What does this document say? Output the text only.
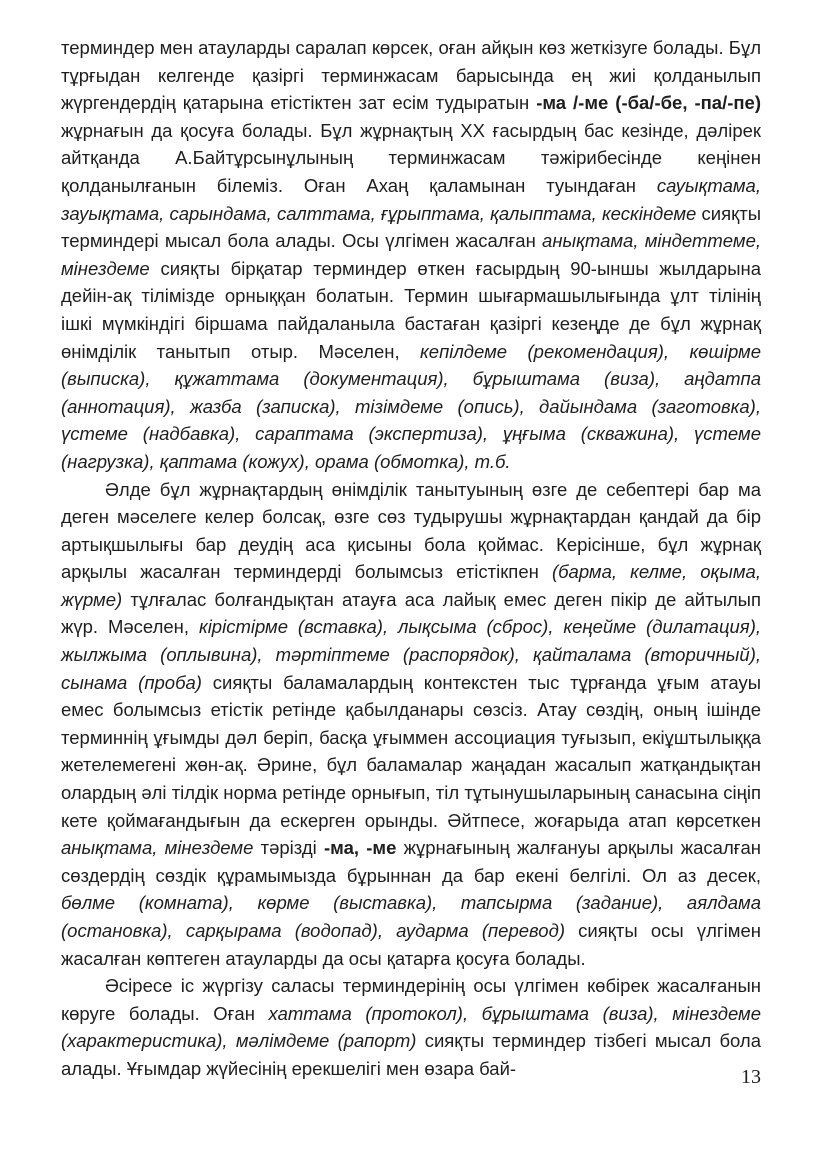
терминдер мен атауларды саралап көрсек, оған айқын көз жеткізуге болады. Бұл тұрғыдан келгенде қазіргі терминжасам барысында ең жиі қолданылып жүргендердің қатарына етістіктен зат есім тудыратын -ма /-ме (-ба/-бе, -па/-пе) жұрнағын да қосуға болады. Бұл жұрнақтың XX ғасырдың бас кезінде, дәлірек айтқанда А.Байтұрсынұлының терминжасам тәжірибесінде кеңінен қолданылғанын білеміз. Оған Ахаң қаламынан туындаған сауықтама, зауықтама, сарындама, салттама, ғұрыптама, қалыптама, кескіндеме сияқты терминдері мысал бола алады. Осы үлгімен жасалған анықтама, міндеттеме, мінездеме сияқты бірқатар терминдер өткен ғасырдың 90-ыншы жылдарына дейін-ақ тілімізде орныққан болатын. Термин шығармашылығында ұлт тілінің ішкі мүмкіндігі біршама пайдаланыла бастаған қазіргі кезеңде де бұл жұрнақ өнімділік танытып отыр. Мәселен, кепілдеме (рекомендация), көшірме (выписка), құжаттама (документация), бұрыштама (виза), аңдатпа (аннотация), жазба (записка), тізімдеме (опись), дайындама (заготовка), үстеме (надбавка), сараптама (экспертиза), ұңғыма (скважина), үстеме (нагрузка), қаптама (кожух), орама (обмотка), т.б.

Әлде бұл жұрнақтардың өнімділік танытуының өзге де себептері бар ма деген мәселеге келер болсақ, өзге сөз тудырушы жұрнақтардан қандай да бір артықшылығы бар деудің аса қисыны бола қоймас. Керісінше, бұл жұрнақ арқылы жасалған терминдерді болымсыз етістікпен (барма, келме, оқыма, жүрме) тұлғалас болғандықтан атауға аса лайық емес деген пікір де айтылып жүр. Мәселен, кірістірме (вставка), лықсыма (сброс), кеңейме (дилатация), жылжыма (оплывина), тәртіптеме (распорядок), қайталама (вторичный), сынама (проба) сияқты баламалардың контекстен тыс тұрғанда ұғым атауы емес болымсыз етістік ретінде қабылданары сөзсіз. Атау сөздің, оның ішінде терминнің ұғымды дәл беріп, басқа ұғыммен ассоциация туғызып, екіұштылыққа жетелемегені жөн-ақ. Әрине, бұл баламалар жаңадан жасалып жатқандықтан олардың әлі тілдік норма ретінде орнығып, тіл тұтынушыларының санасына сіңіп кете қоймағандығын да ескерген орынды. Әйтпесе, жоғарыда атап көрсеткен анықтама, мінездеме тәрізді -ма, -ме жұрнағының жалғануы арқылы жасалған сөздердің сөздік құрамымызда бұрыннан да бар екені белгілі. Ол аз десек, бөлме (комната), көрме (выставка), тапсырма (задание), аялдама (остановка), сарқырама (водопад), аударма (перевод) сияқты осы үлгімен жасалған көптеген атауларды да осы қатарға қосуға болады.

Әсіресе іс жүргізу саласы терминдерінің осы үлгімен көбірек жасалғанын көруге болады. Оған хаттама (протокол), бұрыштама (виза), мінездеме (характеристика), мәлімдеме (рапорт) сияқты терминдер тізбегі мысал бола алады. Ұғымдар жүйесінің ерекшелігі мен өзара бай-	13
